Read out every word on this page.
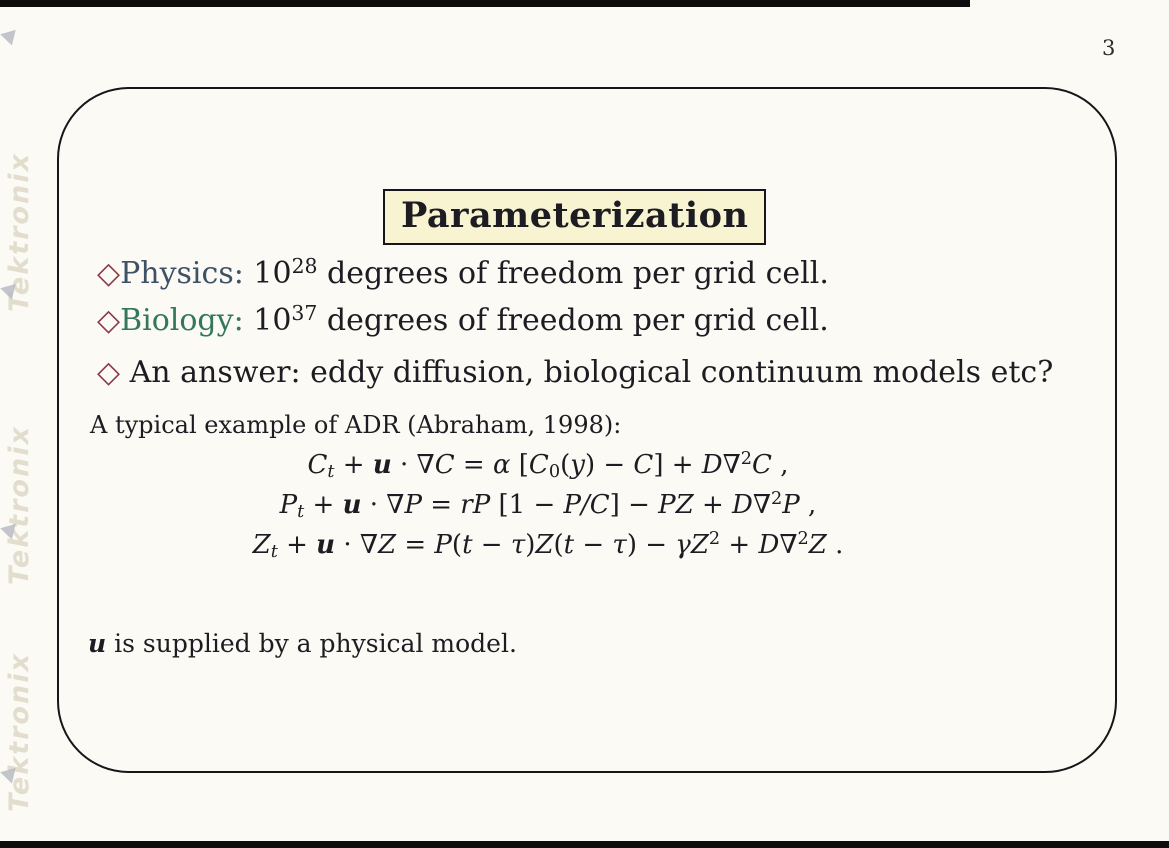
3
Tektronix
Tektronix
Tektronix
Parameterization
◇Physics: $10^{28}$ degrees of freedom per grid cell.
◇Biology: $10^{37}$ degrees of freedom per grid cell.
◇ An answer: eddy diffusion, biological continuum models etc?
A typical example of ADR (Abraham, 1998):
Ct + u · ∇C = α [C0(y) − C] + D∇$^2$C ,
Pt + u · ∇P = rP [1 − P/C] − PZ + D∇$^2$P ,
$Zt + u \cdot \nabla Z = P(t - \tau)Z(t - \tau) - \gamma Z^2 + D\nabla^2Z$ .
u is supplied by a physical model.
